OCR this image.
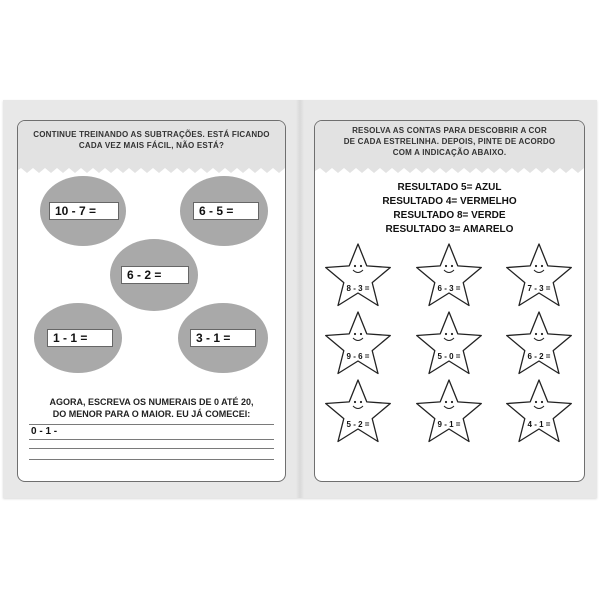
CONTINUE TREINANDO AS SUBTRAÇÕES. ESTÁ FICANDO
CADA VEZ MAIS FÁCIL, NÃO ESTÁ?
10 - 7 =	6 - 5 =
6 - 2 =
1 - 1 =	3 - 1 =
AGORA, ESCREVA OS NUMERAIS DE 0 ATÉ 20,
DO MENOR PARA O MAIOR. EU JÁ COMECEI:
0 - 1 -
RESOLVA AS CONTAS PARA DESCOBRIR A COR
DE CADA ESTRELINHA. DEPOIS, PINTE DE ACORDO
COM A INDICAÇÃO ABAIXO.
RESULTADO 5= AZUL
RESULTADO 4= VERMELHO
RESULTADO 8= VERDE
RESULTADO 3= AMARELO
8 - 3 =	6 - 3 =	7 - 3 =
9 - 6 =	5 - 0 =	6 - 2 =
5 - 2 =	9 - 1 =	4 - 1 =
